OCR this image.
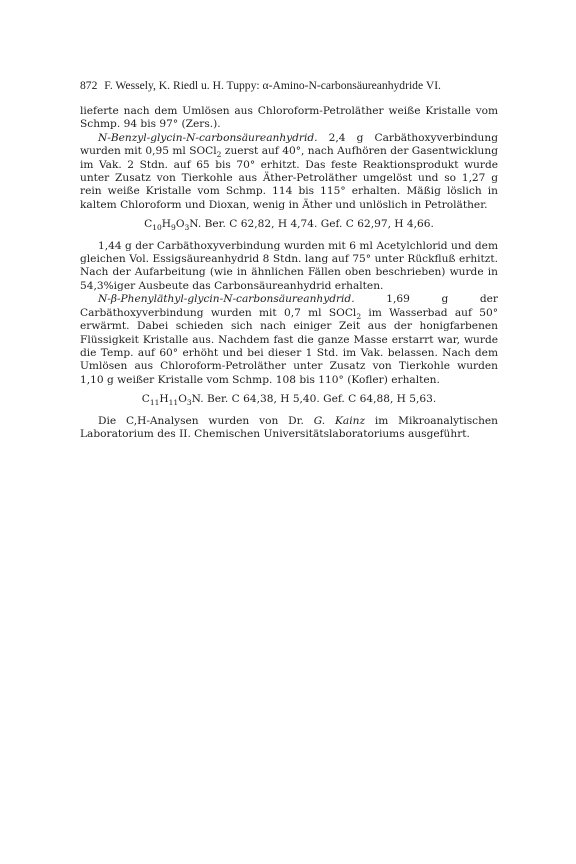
872 F. Wessely, K. Riedl u. H. Tuppy: α-Amino-N-carbonsäureanhydride VI.

lieferte nach dem Umlösen aus Chloroform-Petroläther weiße Kristalle vom Schmp. 94 bis 97° (Zers.).

N-Benzyl-glycin-N-carbonsäureanhydrid. 2,4 g Carbäthoxyverbindung wurden mit 0,95 ml SOCl$_2$ zuerst auf 40°, nach Aufhören der Gasentwicklung im Vak. 2 Stdn. auf 65 bis 70° erhitzt. Das feste Reaktionsprodukt wurde unter Zusatz von Tierkohle aus Äther-Petroläther umgelöst und so 1,27 g rein weiße Kristalle vom Schmp. 114 bis 115° erhalten. Mäßig löslich in kaltem Chloroform und Dioxan, wenig in Äther und unlöslich in Petroläther.

$C_{10}H_9O_3N$. Ber. C 62,82, H 4,74. Gef. C 62,97, H 4,66.

1,44 g der Carbäthoxyverbindung wurden mit 6 ml Acetylchlorid und dem gleichen Vol. Essigsäureanhydrid 8 Stdn. lang auf 75° unter Rückfluß erhitzt. Nach der Aufarbeitung (wie in ähnlichen Fällen oben beschrieben) wurde in 54,3%iger Ausbeute das Carbonsäureanhydrid erhalten.

N-β-Phenyläthyl-glycin-N-carbonsäureanhydrid. 1,69 g der Carbäthoxyverbindung wurden mit 0,7 ml SOCl$_2$ im Wasserbad auf 50° erwärmt. Dabei schieden sich nach einiger Zeit aus der honigfarbenen Flüssigkeit Kristalle aus. Nachdem fast die ganze Masse erstarrt war, wurde die Temp. auf 60° erhöht und bei dieser 1 Std. im Vak. belassen. Nach dem Umlösen aus Chloroform-Petroläther unter Zusatz von Tierkohle wurden 1,10 g weißer Kristalle vom Schmp. 108 bis 110° (Kofler) erhalten.

$C_{11}H_{11}O_3N$. Ber. C 64,38, H 5,40. Gef. C 64,88, H 5,63.

Die C,H-Analysen wurden von Dr. G. Kainz im Mikroanalytischen Laboratorium des II. Chemischen Universitätslaboratoriums ausgeführt.
